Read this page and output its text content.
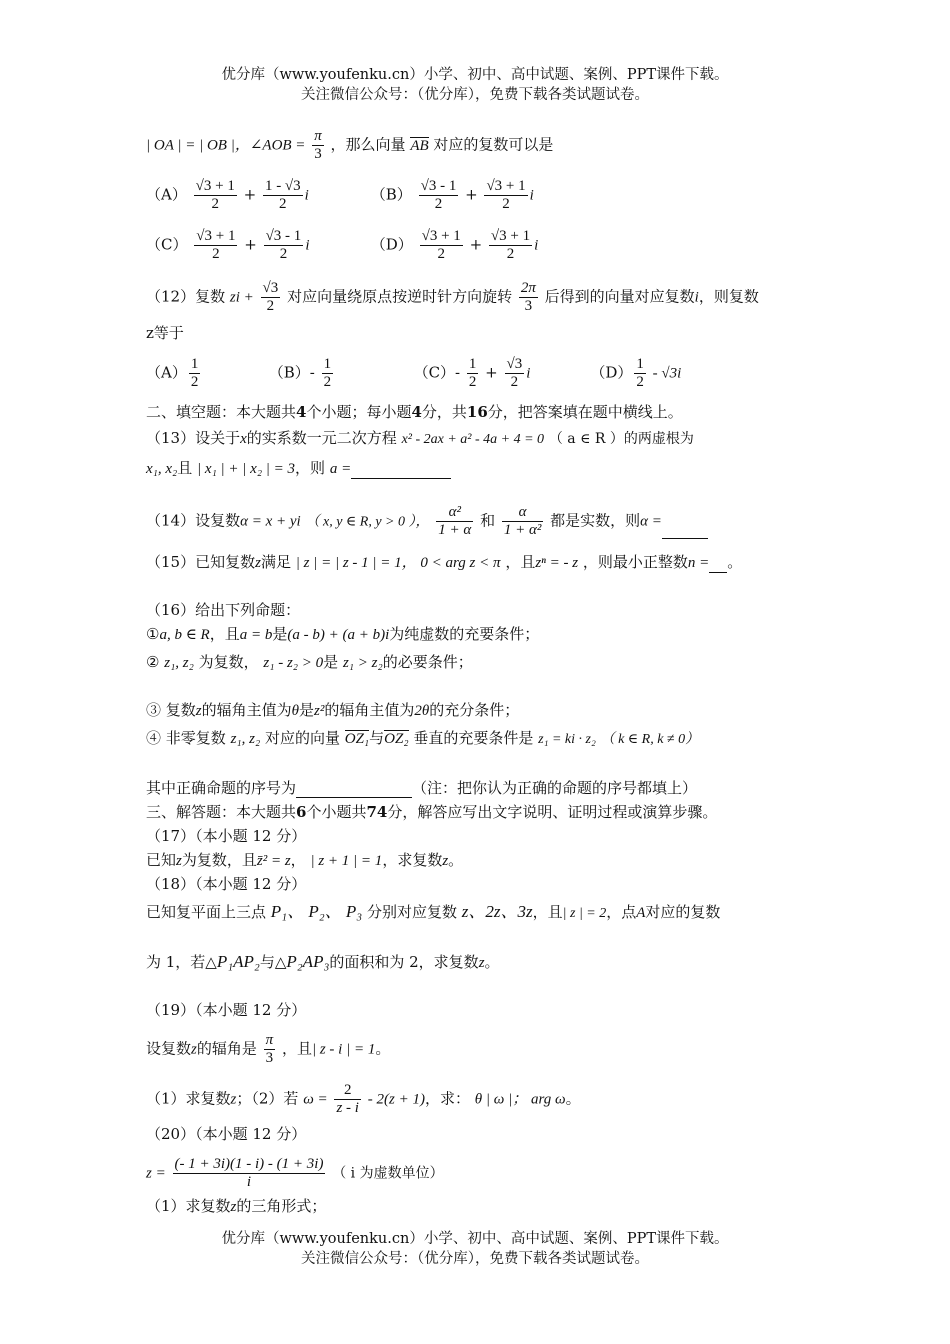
优分库（www.youfenku.cn）小学、初中、高中试题、案例、PPT课件下载。
关注微信公众号：（优分库），免费下载各类试题试卷。
| OA | = | OB |，∠AOB = $\frac{\pi}{3}$ ，那么向量 AB 对应的复数可以是
$(A) \frac{√3 + 1}{2} + \frac{1 - √3}{2}$ i	$(B) \frac{√3 - 1}{2} + \frac{√3 + 1}{2}$ i
$(C) \frac{√3 + 1}{2} + \frac{√3 - 1}{2}$ i	$(D) \frac{√3 + 1}{2} + \frac{√3 + 1}{2}$ i
（12）复数 zi + $\frac{√3}{2}$ 对应向量绕原点按逆时针方向旋转 $\frac{2\pi}{3}$ 后得到的向量对应复数i，则复数
z等于
$(A) \frac{1}{2}$	$(B)- \frac{1}{2}$	$(C)- \frac{1}{2} + \frac{√3}{2}$ i	$(D) \frac{1}{2} - √3i$
二、填空题：本大题共4个小题；每小题4分，共16分，把答案填在题中横线上。
（13）设关于x的实系数一元二次方程 x² - 2ax + a² - 4a + 4 = 0 （ a ∈ R ）的两虚根为
x₁, x₂且 | x₁ | + | x₂ | = 3，则 a =
（14）设复数α = x + yi （ x, y ∈ R, y > 0 ）， $\frac{\text{α²}}{1 + \alpha}$ 和 $\frac{\alpha}{\text{1 + α²}}$ 都是实数，则α =
（15）已知复数z满足 | z | = | z - 1 | = 1， 0 < arg z < π ，且zⁿ = - z ，则最小正整数n = 。
（16）给出下列命题：
①a, b ∈ R，且a = b是(a - b) + (a + b)i为纯虚数的充要条件；
② z₁, z₂ 为复数， z₁ - z₂ > 0是 z₁ > z₂的必要条件；
③ 复数z的辐角主值为θ是z²的辐角主值为2θ的充分条件；
④ 非零复数 z₁, z₂ 对应的向量 OZ₁与OZ₂ 垂直的充要条件是 z₁ = ki · z₂ （ k ∈ R, k ≠ 0）
其中正确命题的序号为	（注：把你认为正确的命题的序号都填上）
三、解答题：本大题共6个小题共74分，解答应写出文字说明、证明过程或演算步骤。
（17）（本小题 12 分）
已知z为复数，且z̄² = z， | z + 1 | = 1，求复数z。
（18）（本小题 12 分）
已知复平面上三点 P₁、 P₂、 P₃ 分别对应复数 z、2z、3z，且| z | = 2，点A对应的复数
为 1，若△P₁AP₂与△P₂AP₃的面积和为 2，求复数z。
（19）（本小题 12 分）
设复数z的辐角是 $\frac{\pi}{3}$ ，且| z - i | = 1。
（1）求复数z；（2）若 $\omega = \frac{2}{z - i} - 2(z + 1)$，求： θ | ω |； arg ω。
（20）（本小题 12 分）
$z = \frac{(- 1 + 3i)(1 - i) - (1 + 3i)}{i}$ （ i 为虚数单位）
（1）求复数z的三角形式；
优分库（www.youfenku.cn）小学、初中、高中试题、案例、PPT课件下载。
关注微信公众号：（优分库），免费下载各类试题试卷。
